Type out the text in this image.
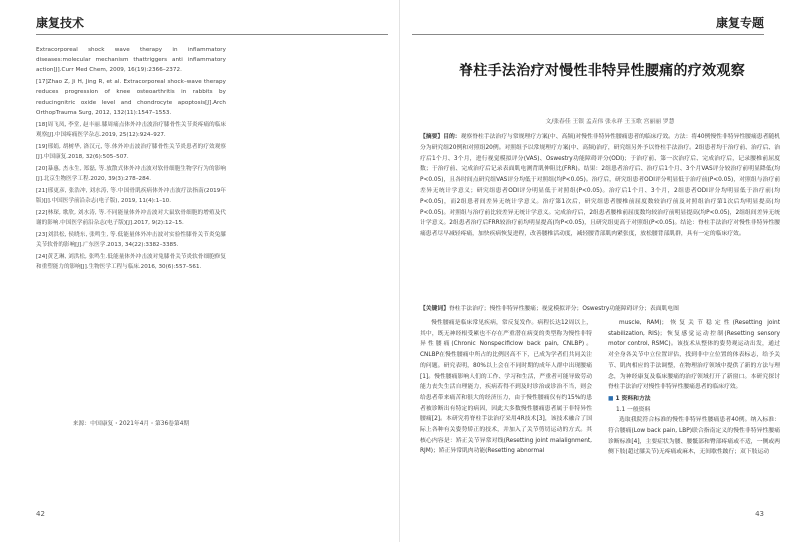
康复技术

Extracorporeal shock wave therapy in inflammatory diseases:molecular mechanism thattriggers anti inflammatory action[J].Curr Med Chem, 2009, 16(19):2366–2372.

[17]Zhao Z, Ji H, Jing R, et al. Extracorporeal shock–wave therapy reduces progression of knee osteoarthritis in rabbits by reducingnitric oxide level and chondrocyte apoptosis[J].Arch OrthopTrauma Surg, 2012, 132(11):1547–1553.

[18]周飞凤, 李堂, 赵丰丽.膝周痛点体外冲击波治疗膝骨性关节炎疼痛的临床观察[J].中国疼痛医学杂志.2019, 25(12):924–927.

[19]邢娟, 胡树华, 洛汉元, 等.体外冲击波治疗膝骨性关节炎患者的疗效观察[J].中国康复.2018, 32(6):505–507.

[20]暴惠, 杰永生, 郑磊, 等.放散式体外冲击波对软骨细胞生物学行为的影响[J].北京生物医学工程.2020, 39(3):278–284.

[21]邢更彦, 张浩冲, 刘水涛, 等.中国骨肌疾病体外冲击波疗法指南(2019年版)[J].中国医学前沿杂志(电子版), 2019, 11(4):1–10.

[22]林琛, 歌欣, 刘水涛, 等.不同能量体外冲击波对大鼠软骨细胞的增殖及代谢的影响.中国医学前沿杂志(电子版)[J].2017, 9(2):12–15.

[23]刘洪松, 侯晓东, 张鸣生, 等.低能量体外冲击波对实验性膝骨关节炎兔膝关节软骨的影响[J].广东医学.2013, 34(22):3382–3385.

[24]黄艺琳, 刘洪松, 张鸣生.低能量体外冲击波对兔膝骨关节炎软骨细胞修复和重塑能力的影响[J].生物医学工程与临床.2016, 30(6):557–561.

来源：中国康复・2021年4月・第36卷第4期
42
康复专题
脊柱手法治疗对慢性非特异性腰痛的疗效观察
文/张春佳 王银 孟垚伟 张永祥 王玉歌 宫丽丽 罗慧
【摘要】目的：观察脊柱手法治疗与常规理疗方案(中、高频)对慢性非特异性腰痛患者的临床疗效。方法：将40例慢性非特异性腰痛患者随机分为研究组20例和对照组20例。对照组予以常规理疗方案(中、高频)治疗，研究组另外予以脊柱手法治疗。2组患者均于治疗前、治疗后、治疗后1个月、3个月，进行视觉模拟评分(VAS)、Oswestry功能障碍评分(ODI)；于治疗前、第一次治疗后、完成治疗后，记录腰椎前屈度数；于治疗前、完成治疗后记录表面肌电测背肌伸阻比(FRR)。结果：2组患者治疗后、治疗后1个月、3个月VAS评分较治疗前明显降低(均P<0.05)，且各时间点研究组VAS评分均低于对照组(均P<0.05)。治疗后，研究组患者ODI评分明显低于治疗前(P<0.05)，对照组与治疗前差异无统计学意义；研究组患者ODI评分明显低于对照组(P<0.05)。治疗后1个月、3个月，2组患者ODI评分均明显低于治疗前(均P<0.05)，而2组患者间差异无统计学意义。治疗第1次后，研究组患者腰椎前屈度数较治疗前及对照组治疗第1次后均明显提高(均P<0.05)。对照组与治疗前比较差异无统计学意义。完成治疗后，2组患者腰椎前屈度数均较治疗前明显提高(均P<0.05)，2组组间差异无统计学意义。2组患者治疗后FRR较治疗前均明显提高(均P<0.05)，且研究组更高于对照组(P<0.05)。结论：脊柱手法治疗对慢性非特异性腰痛患者尽早减轻疼痛，加快疾病恢复进程，改善腰椎活动度，减轻腰背部肌肉紧张度，放松腰背部肌群，具有一定的临床疗效。
【关键词】脊柱手法治疗；慢性非特异性腰痛；视觉模拟评分；Oswestry功能障碍评分；表面肌电图

慢性腰痛是临床常见疾病，常反复发作。病程长达12周以上，其中，既无神经根受累也不存在严重潜在病变的类型称为慢性非特异性腰痛(Chronic Nonspecificlow back pain, CNLBP)。CNLBP在慢性腰痛中所占的比例居高不下，已成为学者们共同关注的问题。研究表明，80%以上会在不同时期的成年人群中出现腰痛[1]。慢性腰痛影响人们的工作、学习和生活，严重者可能导致劳动能力丧失生活自理能力，疾病若得不到及时诊治或诊治不当，则会给患者带来痛苦和很大的经济压力，由于慢性腰痛仅有约15%的患者被诊断出有特定的病因，因此大多数慢性腰痛患者属于非特异性腰痛[2]。本研究将脊柱手法治疗采用4R技术[3]，该技术融合了国际上各种有关姿势矫正的技术，并加入了关节剪切运动的方式。其核心内容是：矫正关节异常对线(Resetting joint malalignment, RJM)；矫正异常肌肉功能(Resetting abnormal

muscle, RAM)；恢复关节稳定性(Resetting joint stabilization, RIS)；恢复感觉运动控制(Resetting sensory motor control, RSMC)。该技术从整体的姿势观运动出发，通过对全身各关节中立位置评估，找到非中立位置的体表标志，给予关节、肌肉相应的手法调整，在物理治疗领域中提供了新的方法与理念，为神经康复及临床腰痛的治疗领域打开了新窗口。本研究探讨脊柱手法治疗对慢性非特异性腰痛患者的临床疗效。

■ 1 资料和方法

1.1 一般资料

选取我院符合标准的慢性非特异性腰痛患者40例。纳入标准：符合腰痛(Low back pain, LBP)联合指南定义的慢性非特异性腰痛诊断标准[4]，主要症状为腰、腰骶部和臀部疼痛或不适，一侧或两侧下肢(超过膝关节)无疼痛或麻木，无间歇性跛行；双下肢运动

43
